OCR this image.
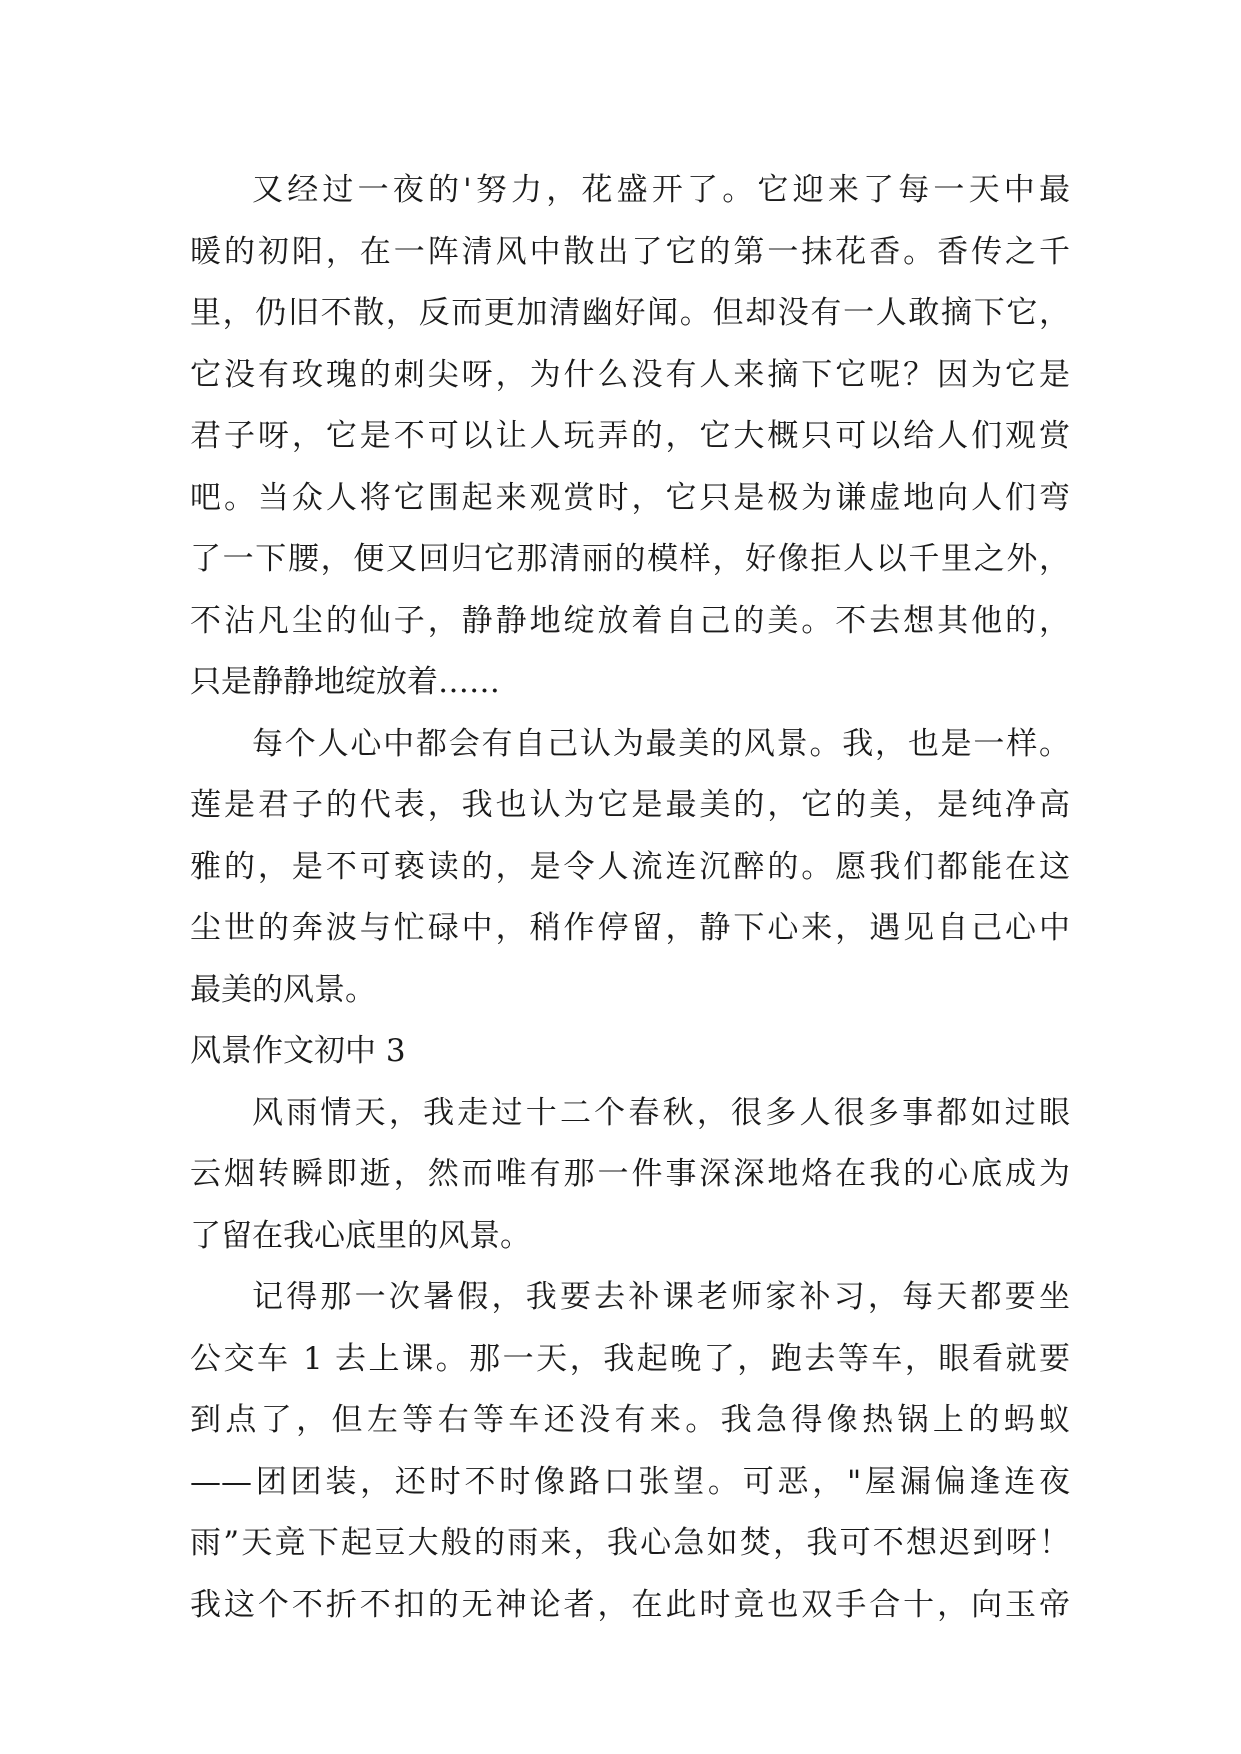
又经过一夜的'努力，花盛开了。它迎来了每一天中最
暖的初阳，在一阵清风中散出了它的第一抹花香。香传之千
里，仍旧不散，反而更加清幽好闻。但却没有一人敢摘下它，
它没有玫瑰的刺尖呀，为什么没有人来摘下它呢？因为它是
君子呀，它是不可以让人玩弄的，它大概只可以给人们观赏
吧。当众人将它围起来观赏时，它只是极为谦虚地向人们弯
了一下腰，便又回归它那清丽的模样，好像拒人以千里之外，
不沾凡尘的仙子，静静地绽放着自己的美。不去想其他的，
只是静静地绽放着……
每个人心中都会有自己认为最美的风景。我，也是一样。
莲是君子的代表，我也认为它是最美的，它的美，是纯净高
雅的，是不可亵读的，是令人流连沉醉的。愿我们都能在这
尘世的奔波与忙碌中，稍作停留，静下心来，遇见自己心中
最美的风景。
风景作文初中 3
风雨情天，我走过十二个春秋，很多人很多事都如过眼
云烟转瞬即逝，然而唯有那一件事深深地烙在我的心底成为
了留在我心底里的风景。
记得那一次暑假，我要去补课老师家补习，每天都要坐
公交车 1 去上课。那一天，我起晚了，跑去等车，眼看就要
到点了，但左等右等车还没有来。我急得像热锅上的蚂蚁
——团团装，还时不时像路口张望。可恶，"屋漏偏逢连夜
雨”天竟下起豆大般的雨来，我心急如焚，我可不想迟到呀！
我这个不折不扣的无神论者，在此时竟也双手合十，向玉帝
